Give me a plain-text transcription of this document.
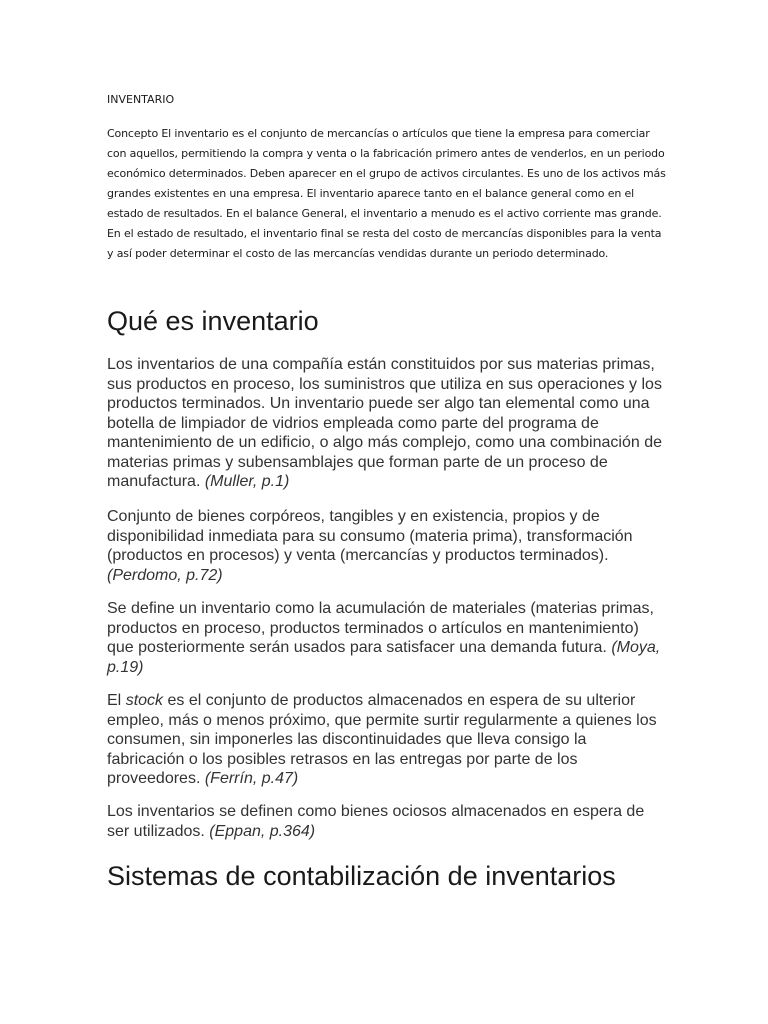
INVENTARIO

Concepto El inventario es el conjunto de mercancías o artículos que tiene la empresa para comerciar con aquellos, permitiendo la compra y venta o la fabricación primero antes de venderlos, en un periodo económico determinados. Deben aparecer en el grupo de activos circulantes. Es uno de los activos más grandes existentes en una empresa. El inventario aparece tanto en el balance general como en el estado de resultados. En el balance General, el inventario a menudo es el activo corriente mas grande. En el estado de resultado, el inventario final se resta del costo de mercancías disponibles para la venta y así poder determinar el costo de las mercancías vendidas durante un periodo determinado.

Qué es inventario

Los inventarios de una compañía están constituidos por sus materias primas, sus productos en proceso, los suministros que utiliza en sus operaciones y los productos terminados. Un inventario puede ser algo tan elemental como una botella de limpiador de vidrios empleada como parte del programa de mantenimiento de un edificio, o algo más complejo, como una combinación de materias primas y subensamblajes que forman parte de un proceso de manufactura. (Muller, p.1)

Conjunto de bienes corpóreos, tangibles y en existencia, propios y de disponibilidad inmediata para su consumo (materia prima), transformación (productos en procesos) y venta (mercancías y productos terminados). (Perdomo, p.72)

Se define un inventario como la acumulación de materiales (materias primas, productos en proceso, productos terminados o artículos en mantenimiento) que posteriormente serán usados para satisfacer una demanda futura. (Moya, p.19)

El stock es el conjunto de productos almacenados en espera de su ulterior empleo, más o menos próximo, que permite surtir regularmente a quienes los consumen, sin imponerles las discontinuidades que lleva consigo la fabricación o los posibles retrasos en las entregas por parte de los proveedores. (Ferrín, p.47)

Los inventarios se definen como bienes ociosos almacenados en espera de ser utilizados. (Eppan, p.364)

Sistemas de contabilización de inventarios
